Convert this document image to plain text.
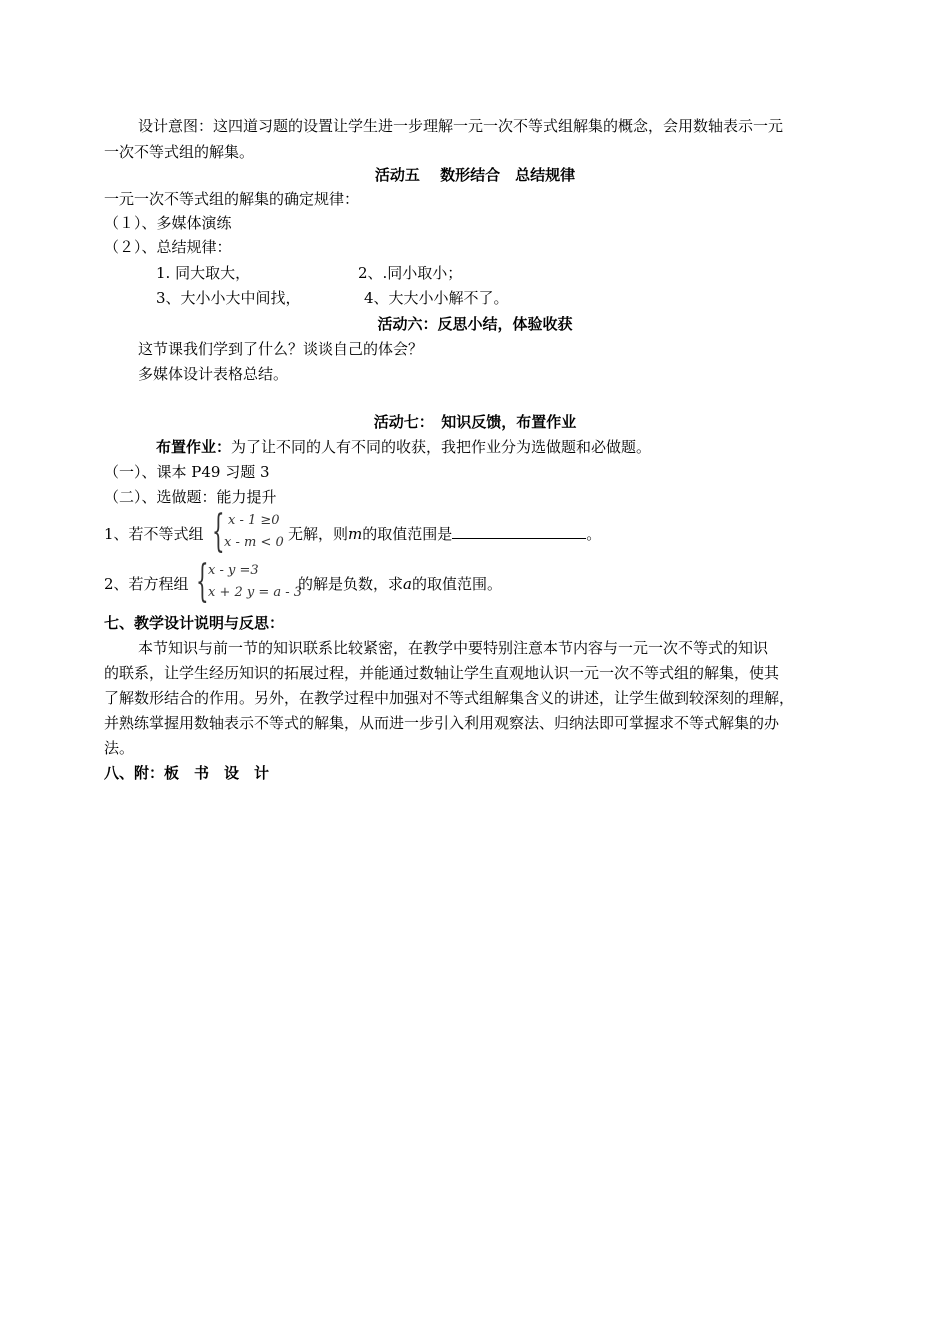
设计意图：这四道习题的设置让学生进一步理解一元一次不等式组解集的概念，会用数轴表示一元
一次不等式组的解集。
活动五　 数形结合　总结规律
一元一次不等式组的解集的确定规律：
（１）、多媒体演练
（２）、总结规律：
1. 同大取大，	2、.同小取小；
3、大小小大中间找，	4、大大小小解不了。
活动六：反思小结，体验收获
这节课我们学到了什么？谈谈自己的体会？
多媒体设计表格总结。
活动七：　知识反馈，布置作业
布置作业：为了让不同的人有不同的收获，我把作业分为选做题和必做题。
（一）、课本 P49 习题 3
（二）、选做题：能力提升
1、若不等式组 { x - 1 ≥0
x - m < 0 无解，则m的取值范围是	。
2、若方程组 { x - y =3
x + 2 y = a - 3
的解是负数，求a的取值范围。
七、教学设计说明与反思：
本节知识与前一节的知识联系比较紧密，在教学中要特别注意本节内容与一元一次不等式的知识
的联系，让学生经历知识的拓展过程，并能通过数轴让学生直观地认识一元一次不等式组的解集，使其
了解数形结合的作用。另外，在教学过程中加强对不等式组解集含义的讲述，让学生做到较深刻的理解，
并熟练掌握用数轴表示不等式的解集，从而进一步引入利用观察法、归纳法即可掌握求不等式解集的办
法。
八、附：板　书　设　计
